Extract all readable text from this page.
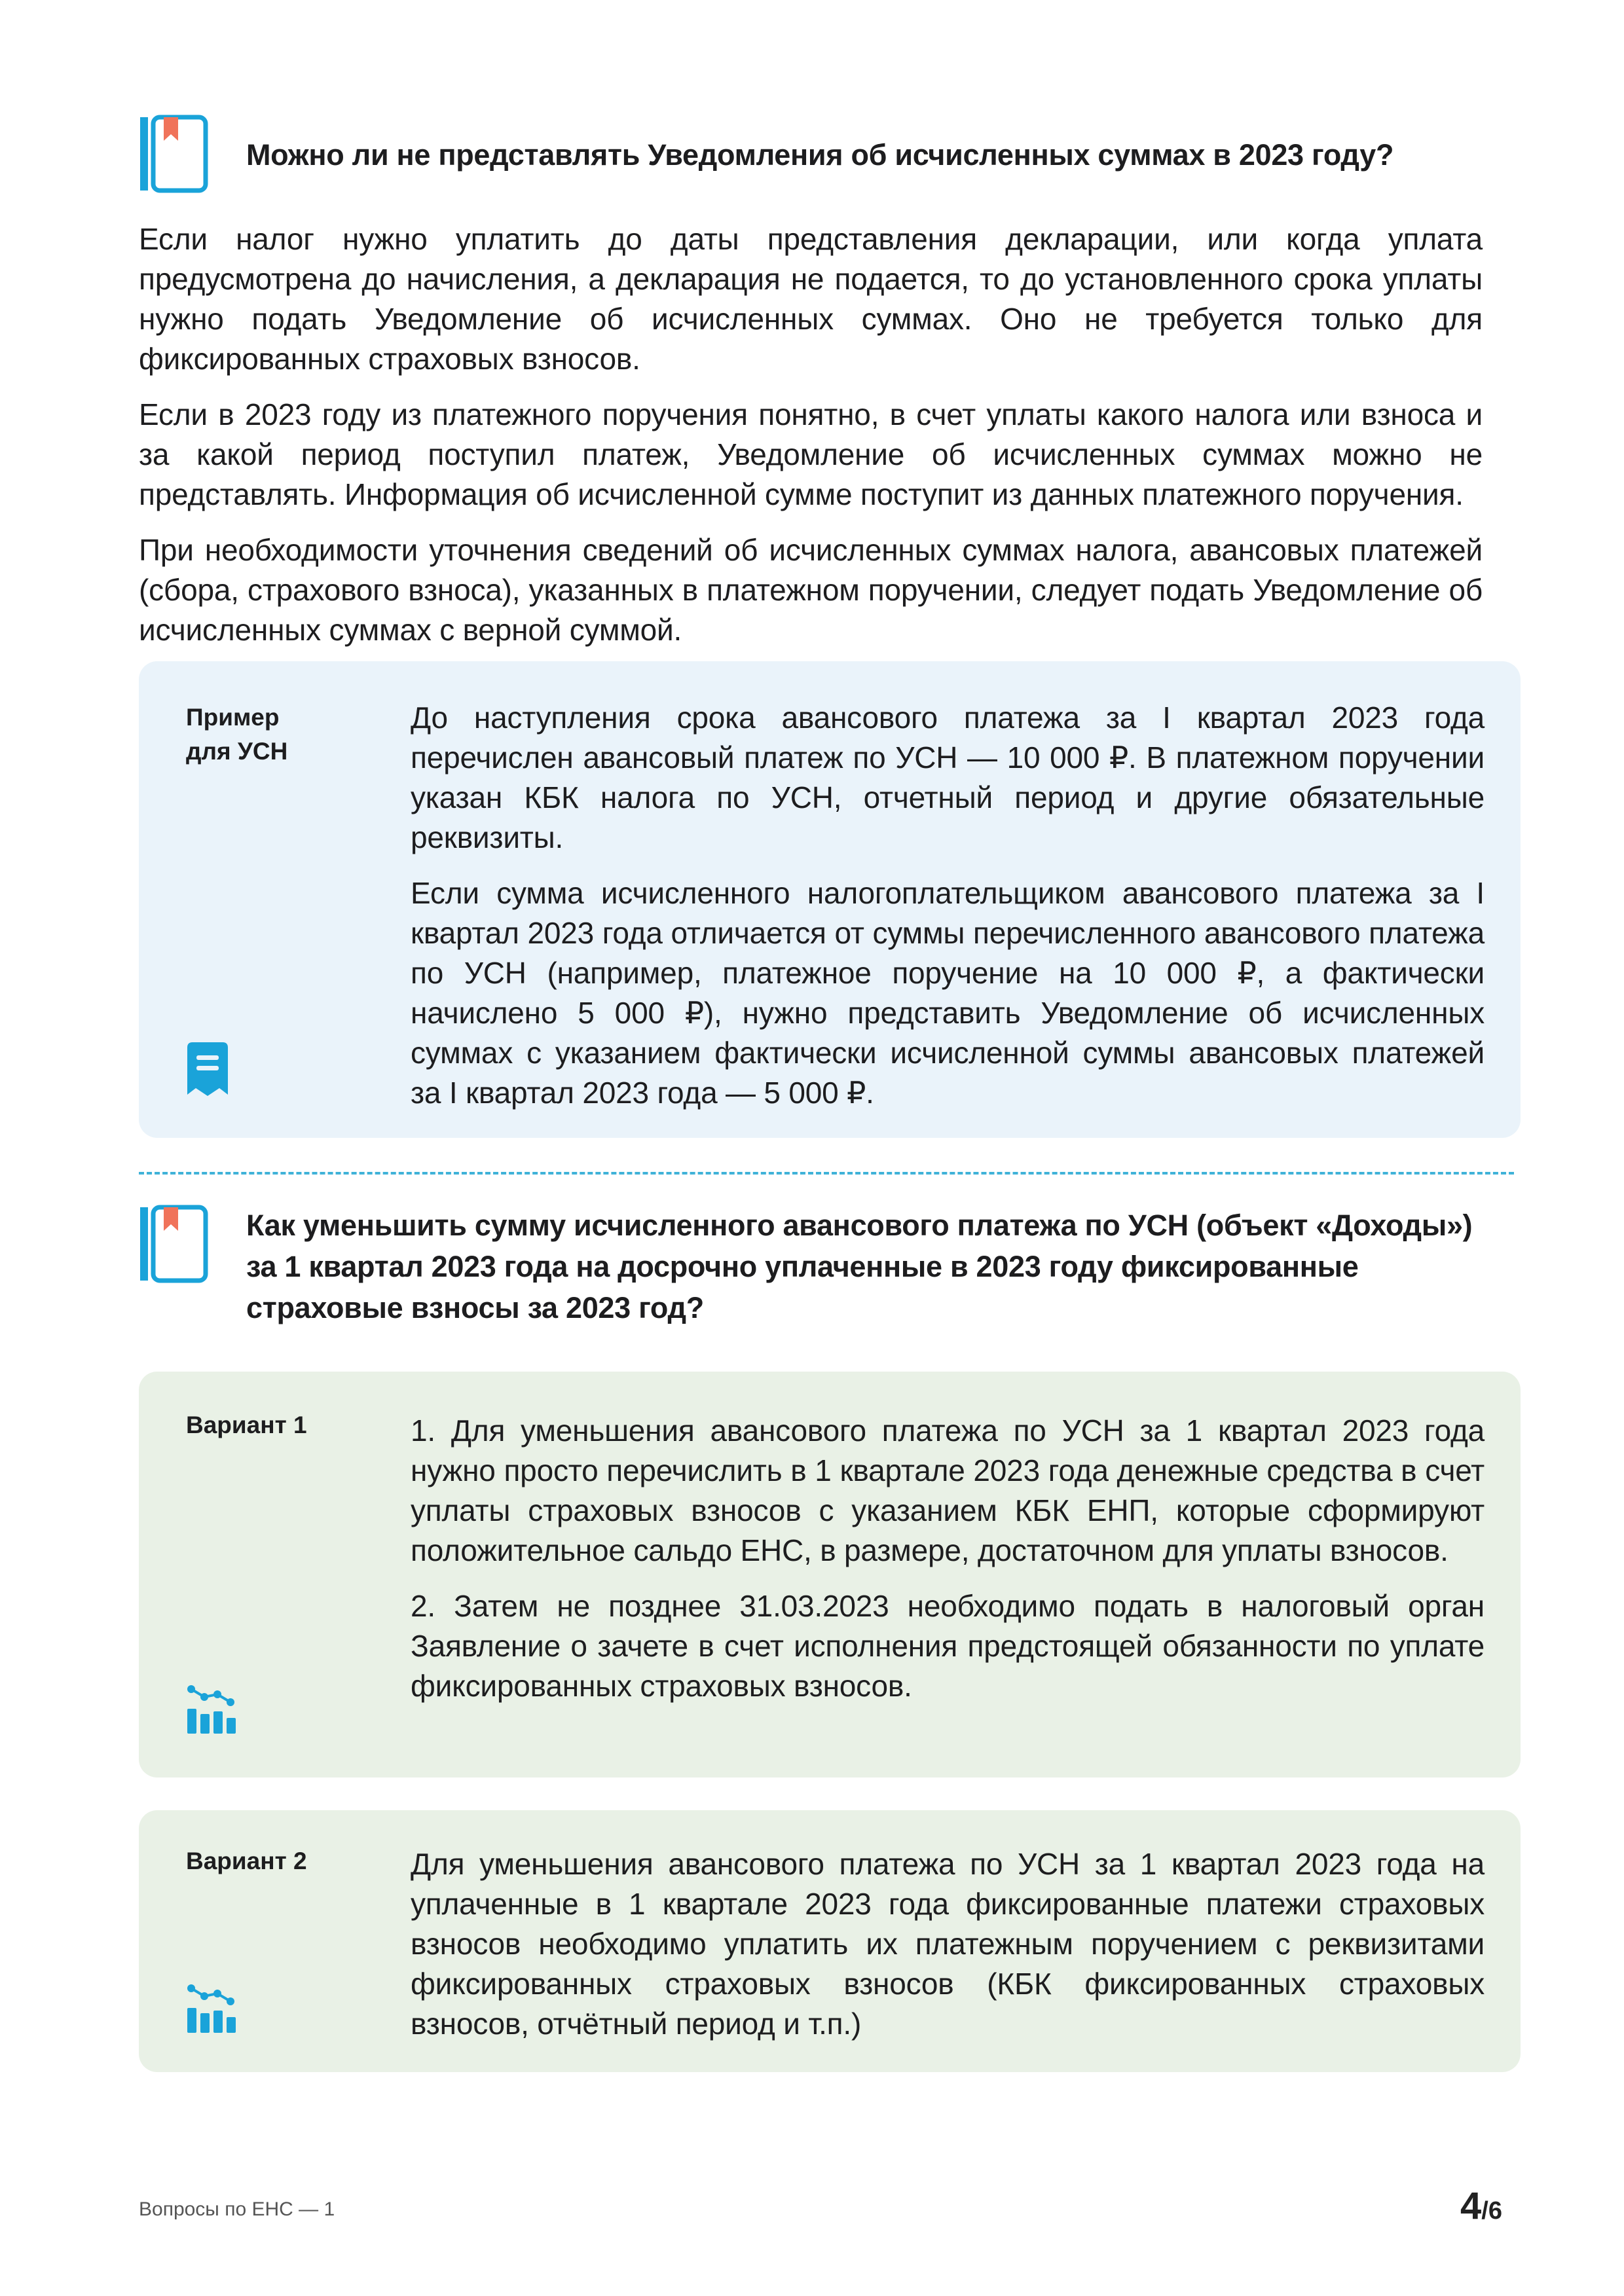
Можно ли не представлять Уведомления об исчисленных суммах в 2023 году?

Если налог нужно уплатить до даты представления декларации, или когда уплата предусмотрена до начисления, а декларация не подается, то до установленного срока уплаты нужно подать Уведомление об исчисленных суммах. Оно не требуется только для фиксированных страховых взносов.

Если в 2023 году из платежного поручения понятно, в счет уплаты какого налога или взноса и за какой период поступил платеж, Уведомление об исчисленных суммах можно не представлять. Информация об исчисленной сумме поступит из данных платежного поручения.

При необходимости уточнения сведений об исчисленных суммах налога, авансовых платежей (сбора, страхового взноса), указанных в платежном поручении, следует подать Уведомление об исчисленных суммах с верной суммой.

Пример
для УСН

До наступления срока авансового платежа за I квартал 2023 года перечислен авансовый платеж по УСН — 10 000 ₽. В платежном поручении указан КБК налога по УСН, отчетный период и другие обязательные реквизиты.

Если сумма исчисленного налогоплательщиком авансового платежа за I квартал 2023 года отличается от суммы перечисленного авансового платежа по УСН (например, платежное поручение на 10 000 ₽, а фактически начислено 5 000 ₽), нужно представить Уведомление об исчисленных суммах с указанием фактически исчисленной суммы авансовых платежей за I квартал 2023 года — 5 000 ₽.

Как уменьшить сумму исчисленного авансового платежа по УСН (объект «Доходы») за 1 квартал 2023 года на досрочно уплаченные в 2023 году фиксированные страховые взносы за 2023 год?

Вариант 1	1. Для уменьшения авансового платежа по УСН за 1 квартал 2023 года нужно просто перечислить в 1 квартале 2023 года денежные средства в счет уплаты страховых взносов с указанием КБК ЕНП, которые сформируют положительное сальдо ЕНС, в размере, достаточном для уплаты взносов.

2. Затем не позднее 31.03.2023 необходимо подать в налоговый орган Заявление о зачете в счет исполнения предстоящей обязанности по уплате фиксированных страховых взносов.

Вариант 2	Для уменьшения авансового платежа по УСН за 1 квартал 2023 года на уплаченные в 1 квартале 2023 года фиксированные платежи страховых взносов необходимо уплатить их платежным поручением с реквизитами фиксированных страховых взносов (КБК фиксированных страховых взносов, отчётный период и т.п.)

Вопросы по ЕНС — 1	4/6
